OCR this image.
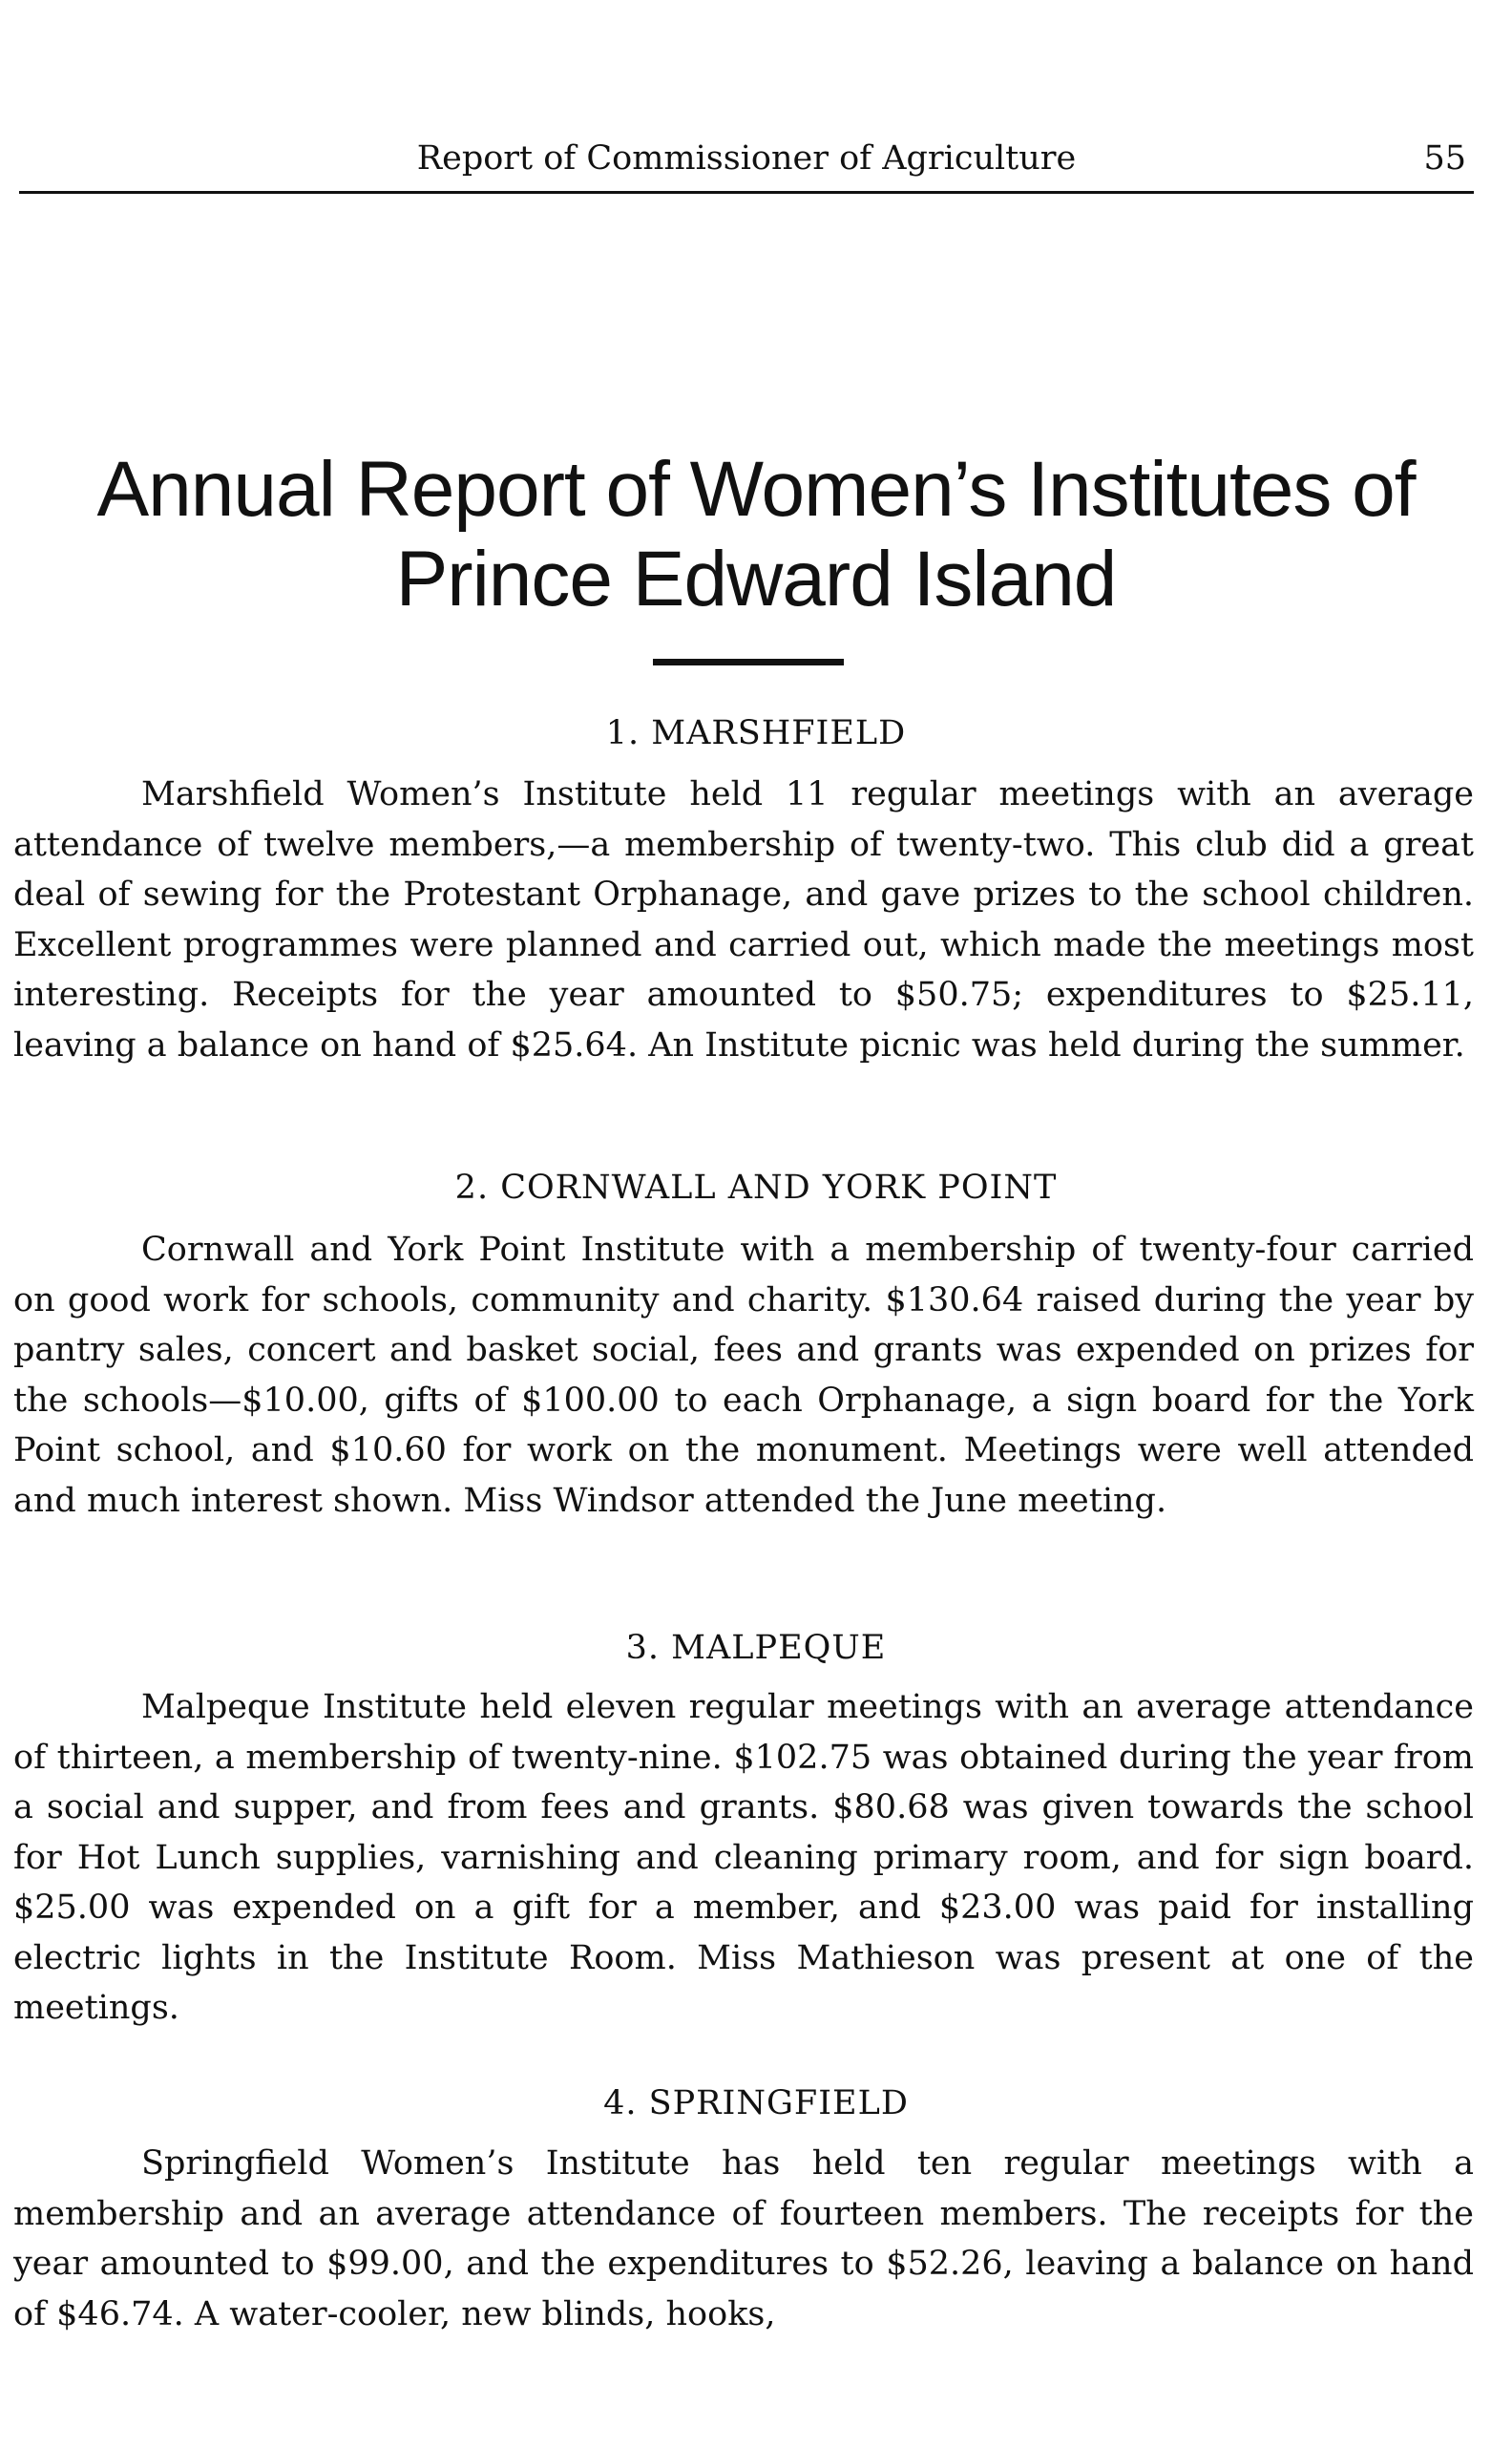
Report of Commissioner of Agriculture	55
Annual Report of Women’s Institutes of
Prince Edward Island
1. MARSHFIELD

Marshfield Women’s Institute held 11 regular meetings with an average attendance of twelve members,—a membership of twenty-two. This club did a great deal of sewing for the Protestant Orphanage, and gave prizes to the school children. Excellent programmes were planned and carried out, which made the meetings most interesting. Receipts for the year amounted to $50.75; expenditures to $25.11, leaving a balance on hand of $25.64. An Institute picnic was held during the summer.

2. CORNWALL AND YORK POINT

Cornwall and York Point Institute with a membership of twenty-four carried on good work for schools, community and charity. $130.64 raised during the year by pantry sales, concert and basket social, fees and grants was expended on prizes for the schools—$10.00, gifts of $100.00 to each Orphanage, a sign board for the York Point school, and $10.60 for work on the monument. Meetings were well attended and much interest shown. Miss Windsor attended the June meeting.

3. MALPEQUE

Malpeque Institute held eleven regular meetings with an average attendance of thirteen, a membership of twenty-nine. $102.75 was obtained during the year from a social and supper, and from fees and grants. $80.68 was given towards the school for Hot Lunch supplies, varnishing and cleaning primary room, and for sign board. $25.00 was expended on a gift for a member, and $23.00 was paid for installing electric lights in the Institute Room. Miss Mathieson was present at one of the meetings.

4. SPRINGFIELD

Springfield Women’s Institute has held ten regular meetings with a membership and an average attendance of fourteen members. The receipts for the year amounted to $99.00, and the expenditures to $52.26, leaving a balance on hand of $46.74. A water-cooler, new blinds, hooks,
